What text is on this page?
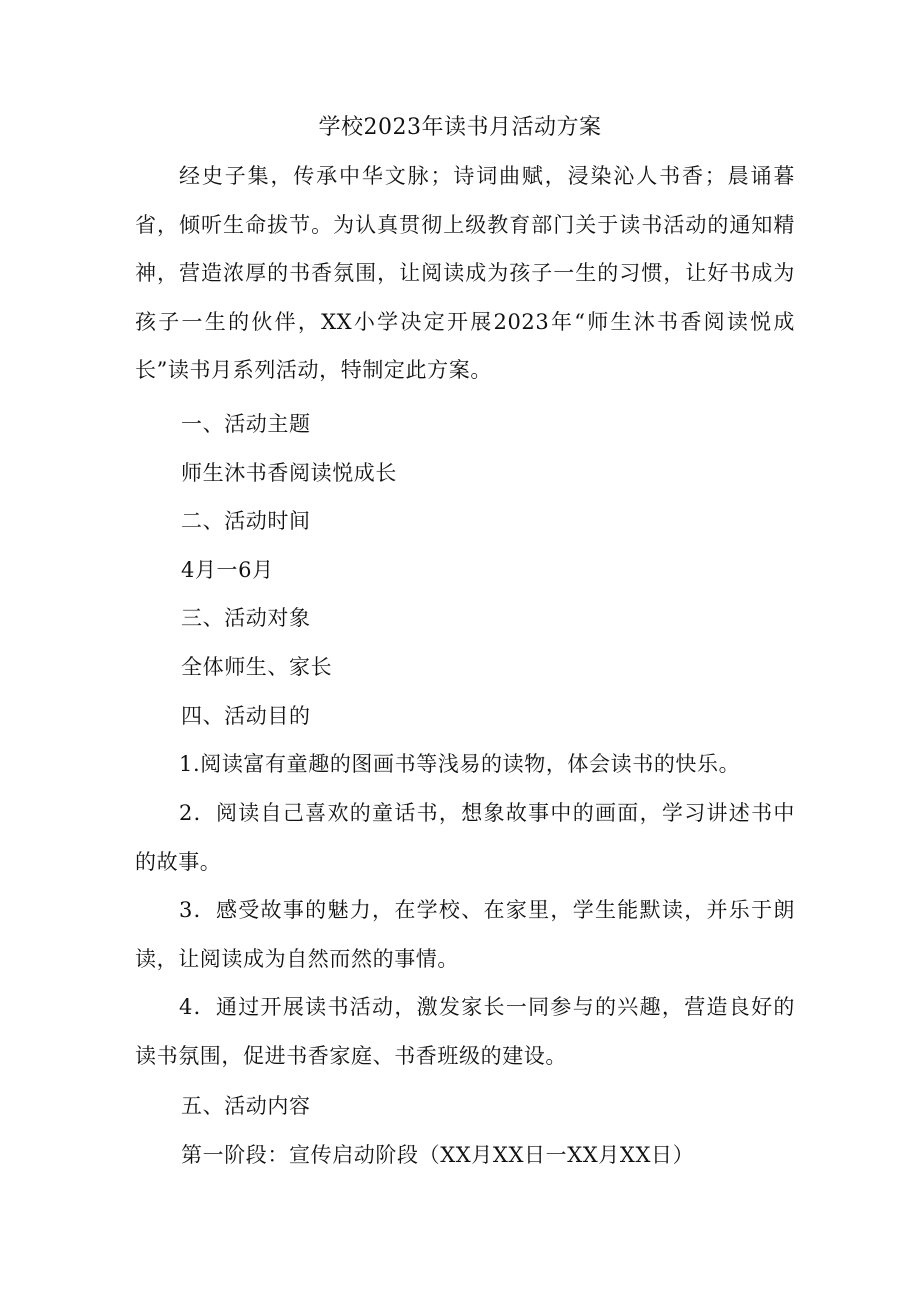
学校2023年读书月活动方案

经史子集，传承中华文脉；诗词曲赋，浸染沁人书香；晨诵暮省，倾听生命拔节。为认真贯彻上级教育部门关于读书活动的通知精神，营造浓厚的书香氛围，让阅读成为孩子一生的习惯，让好书成为孩子一生的伙伴，XX小学决定开展2023年“师生沐书香阅读悦成长”读书月系列活动，特制定此方案。

一、活动主题

师生沐书香阅读悦成长

二、活动时间

4月一6月

三、活动对象

全体师生、家长

四、活动目的

1.阅读富有童趣的图画书等浅易的读物，体会读书的快乐。

2．阅读自己喜欢的童话书，想象故事中的画面，学习讲述书中的故事。

3．感受故事的魅力，在学校、在家里，学生能默读，并乐于朗读，让阅读成为自然而然的事情。

4．通过开展读书活动，激发家长一同参与的兴趣，营造良好的读书氛围，促进书香家庭、书香班级的建设。

五、活动内容

第一阶段：宣传启动阶段（XX月XX日一XX月XX日）
